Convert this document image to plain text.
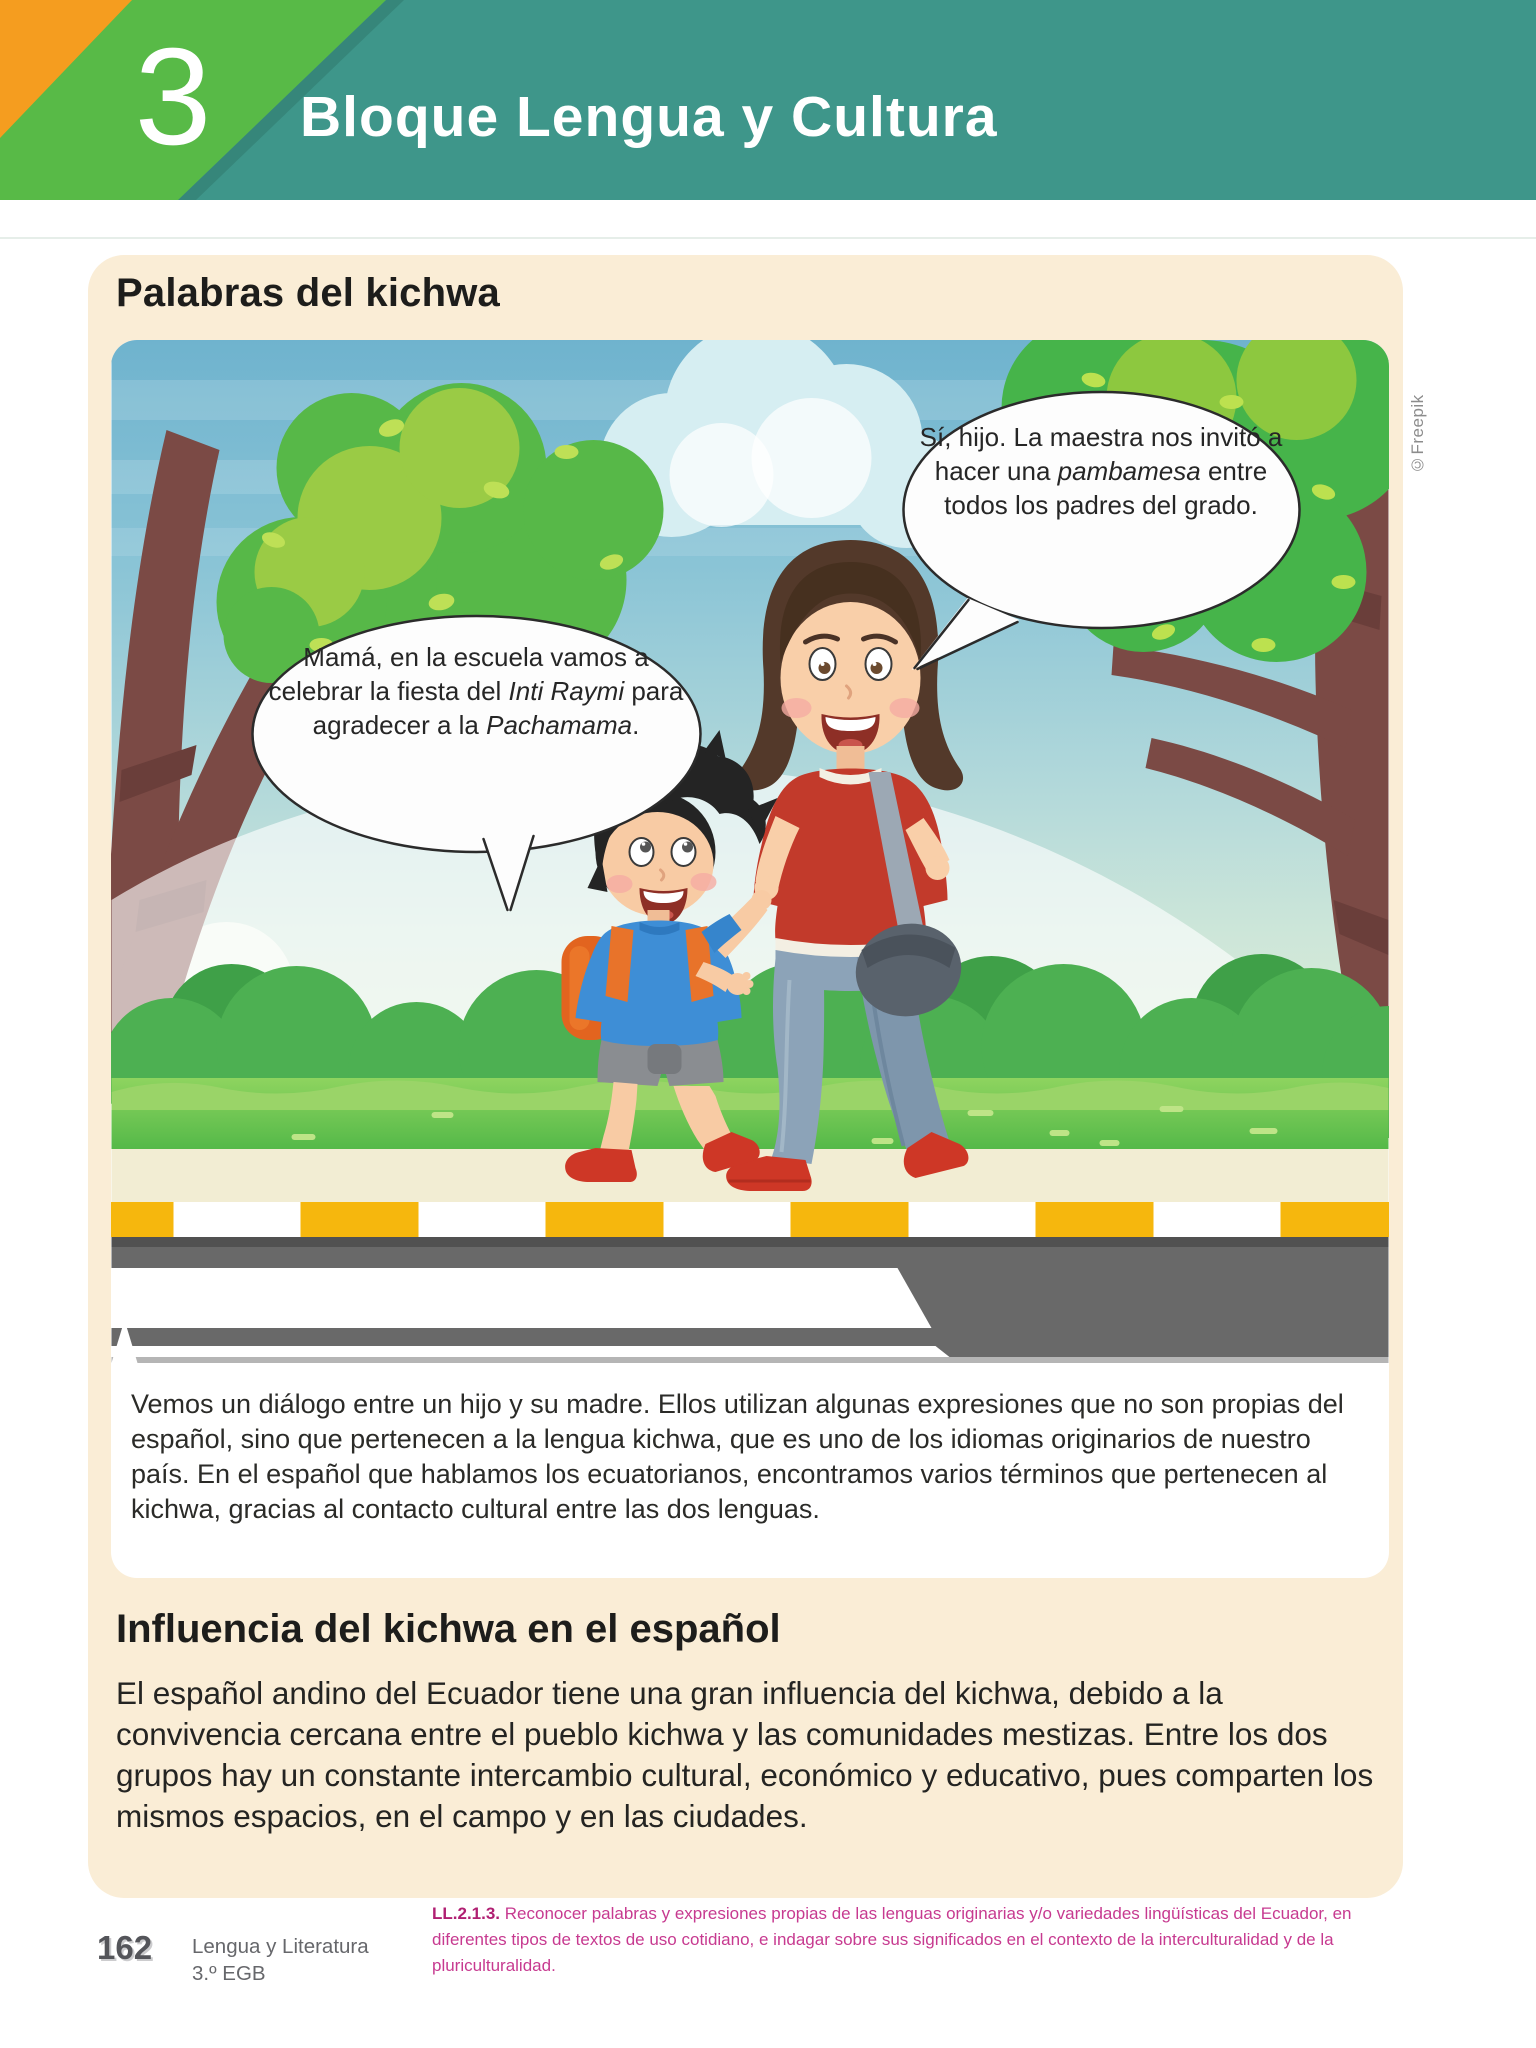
3 Bloque Lengua y Cultura
Palabras del kichwa
Mamá, en la escuela vamos a celebrar la fiesta del Inti Raymi para agradecer a la Pachamama.
Sí, hijo. La maestra nos invitó a hacer una pambamesa entre todos los padres del grado.
Vemos un diálogo entre un hijo y su madre. Ellos utilizan algunas expresiones que no son propias del español, sino que pertenecen a la lengua kichwa, que es uno de los idiomas originarios de nuestro país. En el español que hablamos los ecuatorianos, encontramos varios términos que pertenecen al kichwa, gracias al contacto cultural entre las dos lenguas.
Influencia del kichwa en el español
El español andino del Ecuador tiene una gran influencia del kichwa, debido a la convivencia cercana entre el pueblo kichwa y las comunidades mestizas. Entre los dos grupos hay un constante intercambio cultural, económico y educativo, pues comparten los mismos espacios, en el campo y en las ciudades.
©Freepik
162 Lengua y Literatura
3.º EGB
LL.2.1.3. Reconocer palabras y expresiones propias de las lenguas originarias y/o variedades lingüísticas del Ecuador, en diferentes tipos de textos de uso cotidiano, e indagar sobre sus significados en el contexto de la interculturalidad y de la pluriculturalidad.
